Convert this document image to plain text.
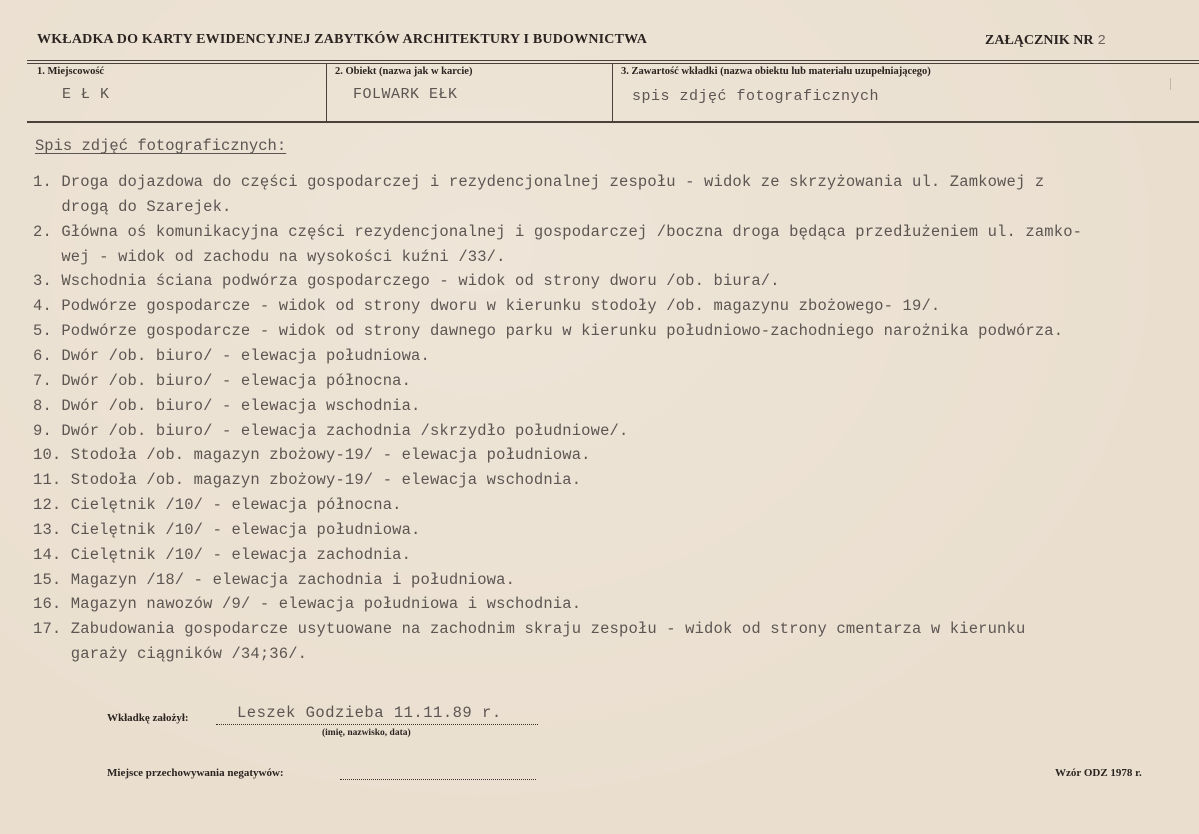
WKŁADKA DO KARTY EWIDENCYJNEJ ZABYTKÓW ARCHITEKTURY I BUDOWNICTWA	ZAŁĄCZNIK NR 2
1. Miejscowość
E Ł K
2. Obiekt (nazwa jak w karcie)
FOLWARK EŁK
3. Zawartość wkładki (nazwa obiektu lub materiału uzupełniającego)
spis zdjęć fotograficznych
Spis zdjęć fotograficznych:
1. Droga dojazdowa do części gospodarczej i rezydencjonalnej zespołu - widok ze skrzyżowania ul. Zamkowej z
drogą do Szarejek.
2. Główna oś komunikacyjna części rezydencjonalnej i gospodarczej /boczna droga będąca przedłużeniem ul. zamko-
wej - widok od zachodu na wysokości kuźni /33/.
3. Wschodnia ściana podwórza gospodarczego - widok od strony dworu /ob. biura/.
4. Podwórze gospodarcze - widok od strony dworu w kierunku stodoły /ob. magazynu zbożowego- 19/.
5. Podwórze gospodarcze - widok od strony dawnego parku w kierunku południowo-zachodniego narożnika podwórza.
6. Dwór /ob. biuro/ - elewacja południowa.
7. Dwór /ob. biuro/ - elewacja północna.
8. Dwór /ob. biuro/ - elewacja wschodnia.
9. Dwór /ob. biuro/ - elewacja zachodnia /skrzydło południowe/.
10. Stodoła /ob. magazyn zbożowy-19/ - elewacja południowa.
11. Stodoła /ob. magazyn zbożowy-19/ - elewacja wschodnia.
12. Cielętnik /10/ - elewacja północna.
13. Cielętnik /10/ - elewacja południowa.
14. Cielętnik /10/ - elewacja zachodnia.
15. Magazyn /18/ - elewacja zachodnia i południowa.
16. Magazyn nawozów /9/ - elewacja południowa i wschodnia.
17. Zabudowania gospodarcze usytuowane na zachodnim skraju zespołu - widok od strony cmentarza w kierunku
garaży ciągników /34;36/.
Wkładkę założył:	Leszek Godzieba 11.11.89 r.
(imię, nazwisko, data)
Miejsce przechowywania negatywów:	Wzór ODZ 1978 r.
